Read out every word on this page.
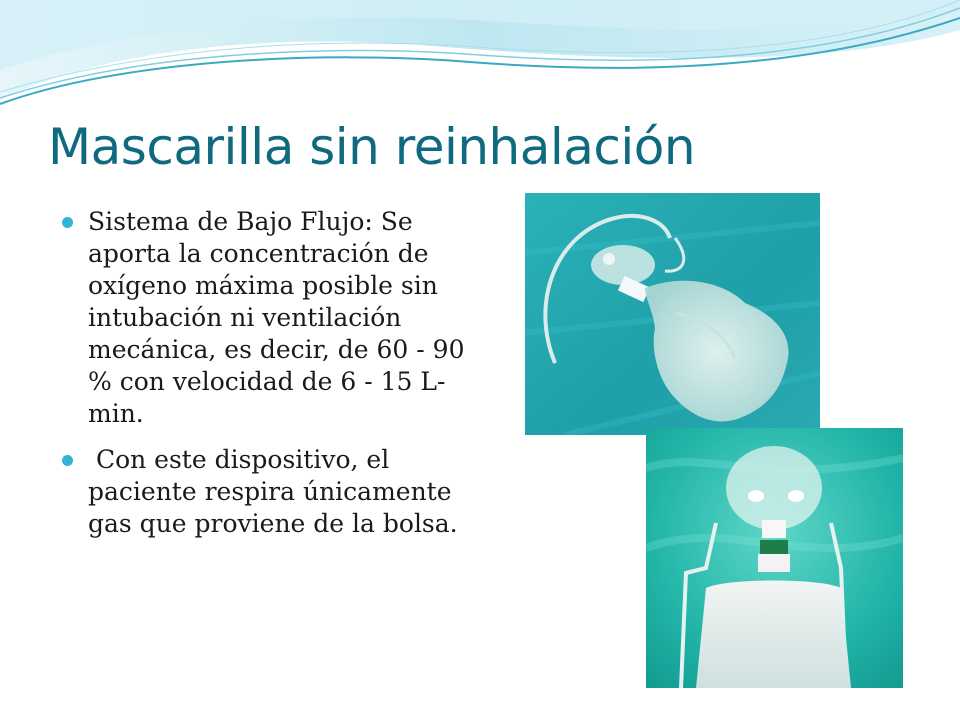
Mascarilla sin reinhalación
Sistema de Bajo Flujo: Se aporta la concentración de oxígeno máxima posible sin intubación ni ventilación mecánica, es decir, de 60 - 90 % con velocidad de 6 - 15 L-min.
Con este dispositivo, el paciente respira únicamente gas que proviene de la bolsa.
